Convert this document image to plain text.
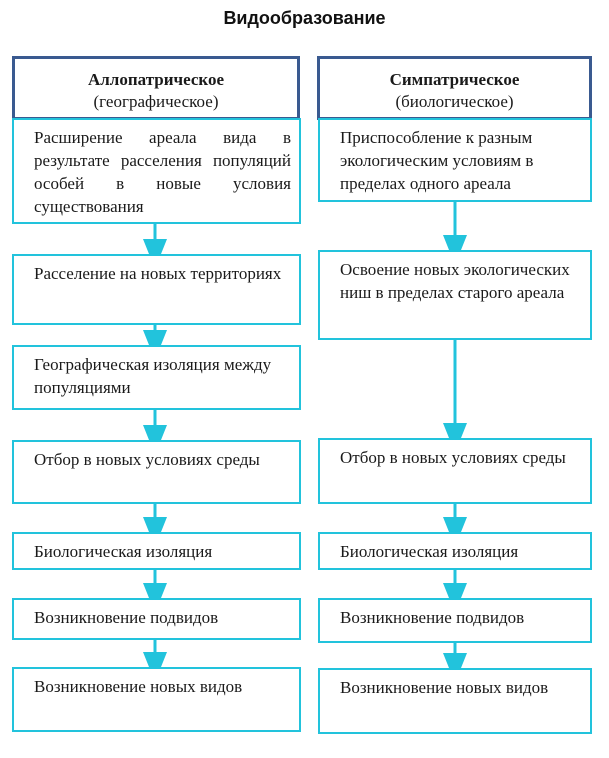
Видообразование
Аллопатрическое
(географическое)
Расширение ареала вида в результате расселения популяций особей в новые условия существования
Расселение на новых территориях
Географическая изоляция между популяциями
Отбор в новых условиях среды
Биологическая изоляция
Возникновение подвидов
Возникновение новых видов
Симпатрическое
(биологическое)
Приспособление к разным экологическим условиям в пределах одного ареала
Освоение новых экологических ниш в пределах старого ареала
Отбор в новых условиях среды
Биологическая изоляция
Возникновение подвидов
Возникновение новых видов
